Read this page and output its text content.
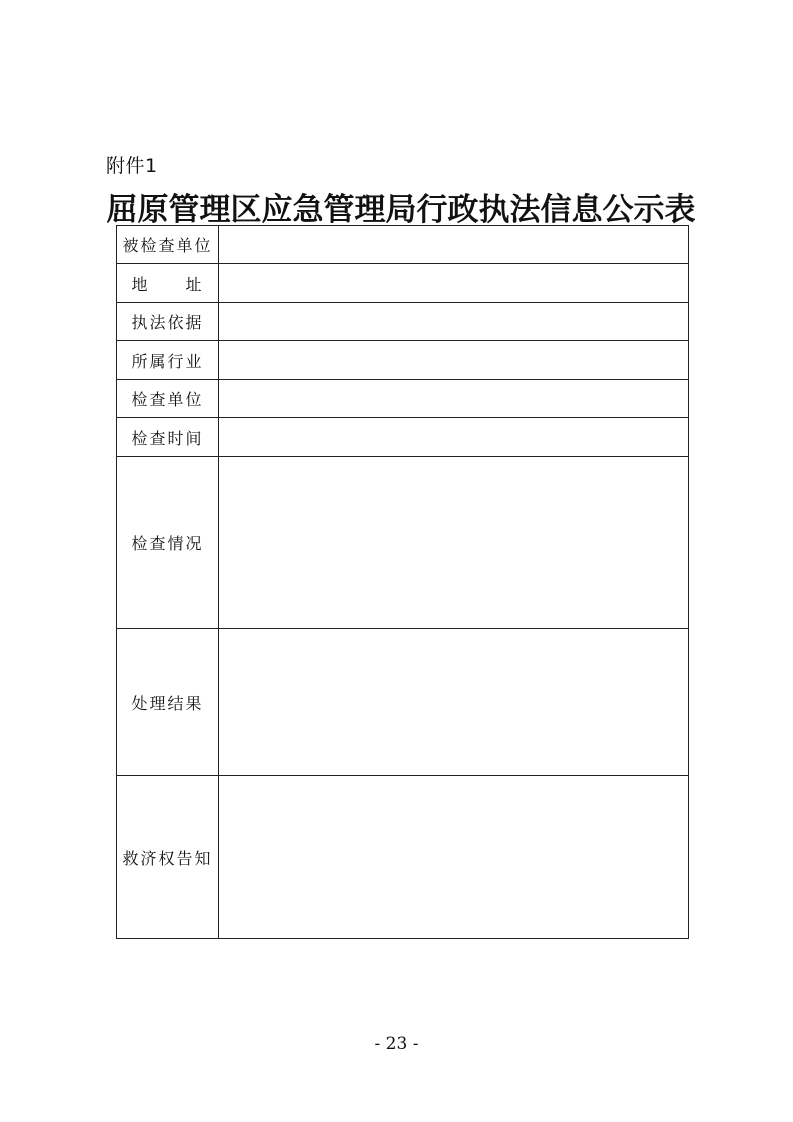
附件1
屈原管理区应急管理局行政执法信息公示表
被检查单位	
地　　址	
执法依据	
所属行业	
检查单位	
检查时间	
检查情况	
处理结果	
救济权告知	
- 23 -
